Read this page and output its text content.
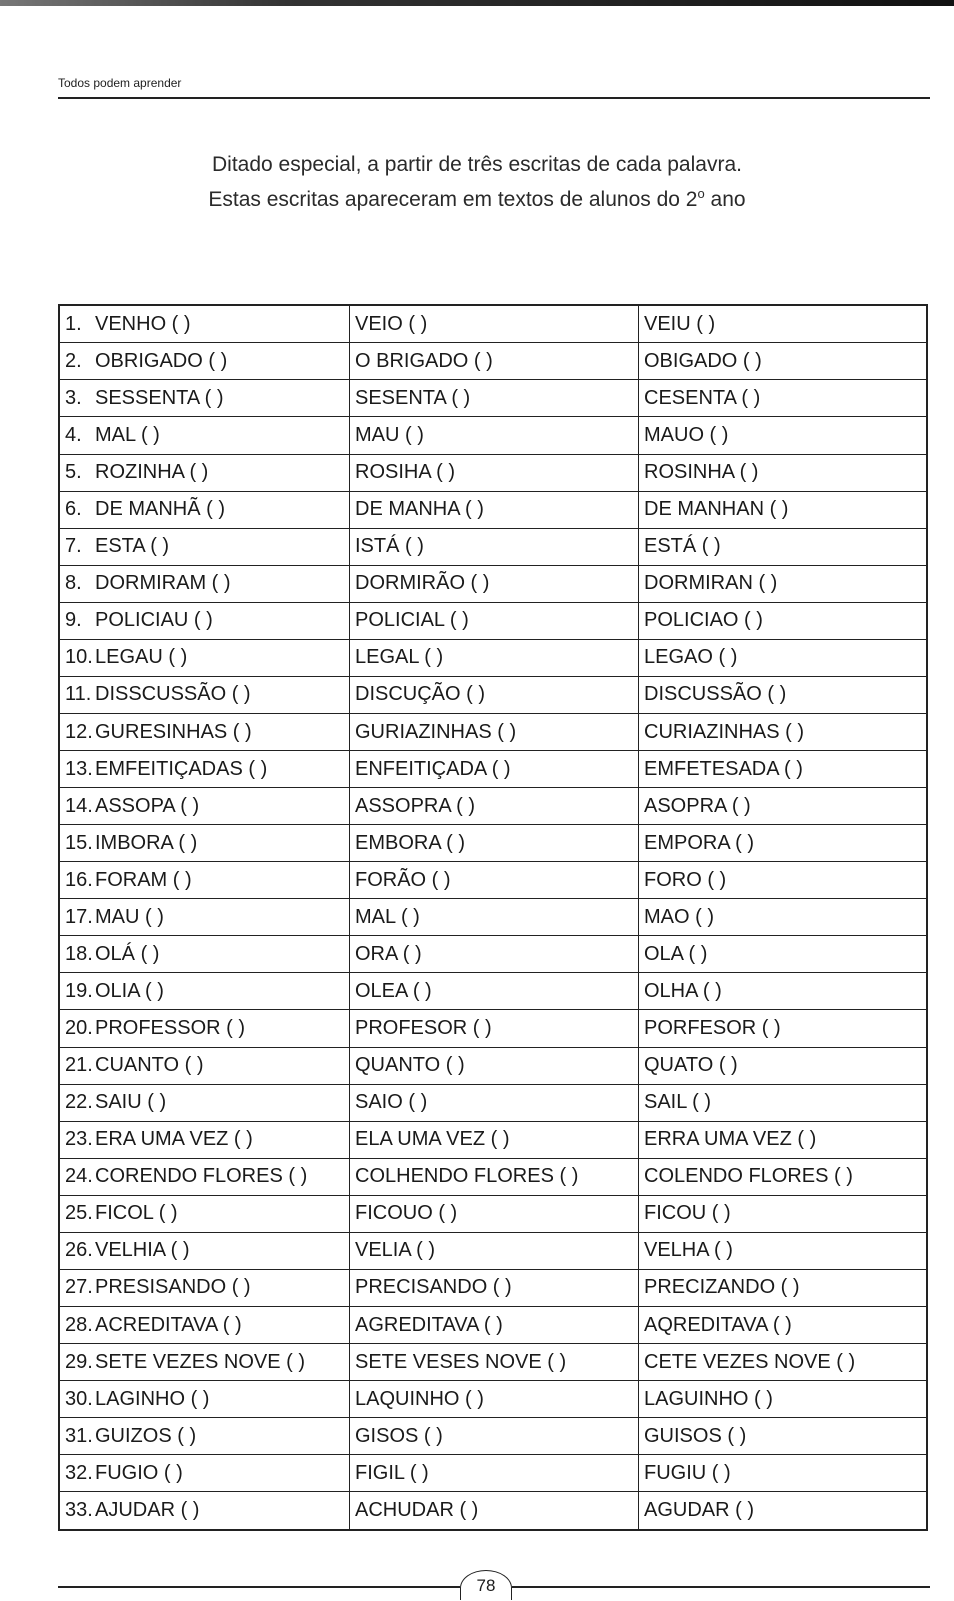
Todos podem aprender
Ditado especial, a partir de três escritas de cada palavra.
Estas escritas apareceram em textos de alunos do 2$^o$ ano
1. VENHO ( )	VEIO ( )	VEIU ( )
2. OBRIGADO ( )	O BRIGADO ( )	OBIGADO ( )
3. SESSENTA ( )	SESENTA ( )	CESENTA ( )
4. MAL ( )	MAU ( )	MAUO ( )
5. ROZINHA ( )	ROSIHA ( )	ROSINHA ( )
6. DE MANHÃ ( )	DE MANHA ( )	DE MANHAN ( )
7. ESTA ( )	ISTÁ ( )	ESTÁ ( )
8. DORMIRAM ( )	DORMIRÃO ( )	DORMIRAN ( )
9. POLICIAU ( )	POLICIAL ( )	POLICIAO ( )
10. LEGAU ( )	LEGAL ( )	LEGAO ( )
11. DISSCUSSÃO ( )	DISCUÇÃO ( )	DISCUSSÃO ( )
12. GURESINHAS ( )	GURIAZINHAS ( )	CURIAZINHAS ( )
13. EMFEITIÇADAS ( )	ENFEITIÇADA ( )	EMFETESADA ( )
14. ASSOPA ( )	ASSOPRA ( )	ASOPRA ( )
15. IMBORA ( )	EMBORA ( )	EMPORA ( )
16. FORAM ( )	FORÃO ( )	FORO ( )
17. MAU ( )	MAL ( )	MAO ( )
18. OLÁ ( )	ORA ( )	OLA ( )
19. OLIA ( )	OLEA ( )	OLHA ( )
20. PROFESSOR ( )	PROFESOR ( )	PORFESOR ( )
21. CUANTO ( )	QUANTO ( )	QUATO ( )
22. SAIU ( )	SAIO ( )	SAIL ( )
23. ERA UMA VEZ ( )	ELA UMA VEZ ( )	ERRA UMA VEZ ( )
24. CORENDO FLORES ( )	COLHENDO FLORES ( )	COLENDO FLORES ( )
25. FICOL ( )	FICOUO ( )	FICOU ( )
26. VELHIA ( )	VELIA ( )	VELHA ( )
27. PRESISANDO ( )	PRECISANDO ( )	PRECIZANDO ( )
28. ACREDITAVA ( )	AGREDITAVA ( )	AQREDITAVA ( )
29. SETE VEZES NOVE ( )	SETE VESES NOVE ( )	CETE VEZES NOVE ( )
30. LAGINHO ( )	LAQUINHO ( )	LAGUINHO ( )
31. GUIZOS ( )	GISOS ( )	GUISOS ( )
32. FUGIO ( )	FIGIL ( )	FUGIU ( )
33. AJUDAR ( )	ACHUDAR ( )	AGUDAR ( )
78
